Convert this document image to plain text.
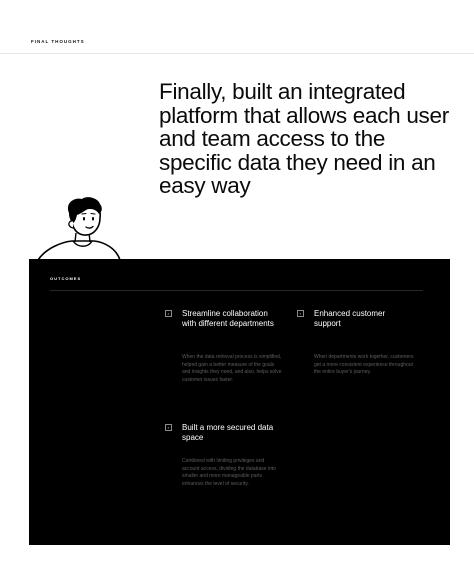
FINAL THOUGHTS
Finally, built an integrated platform that allows each user and team access to the specific data they need in an easy way
OUTCOMES
▪	Streamline collaboration with different departments
When the data retrieval process is simplified, helped gain a better measure of the goals and insights they need, and also, helps solve customer issues faster.
▪	Enhanced customer support
When departments work together, customers get a more consistent experience throughout the entire buyer's journey.
▪	Built a more secured data space
Combined with limiting privileges and account access, dividing the database into smaller and more manageable parts enhances the level of security.
